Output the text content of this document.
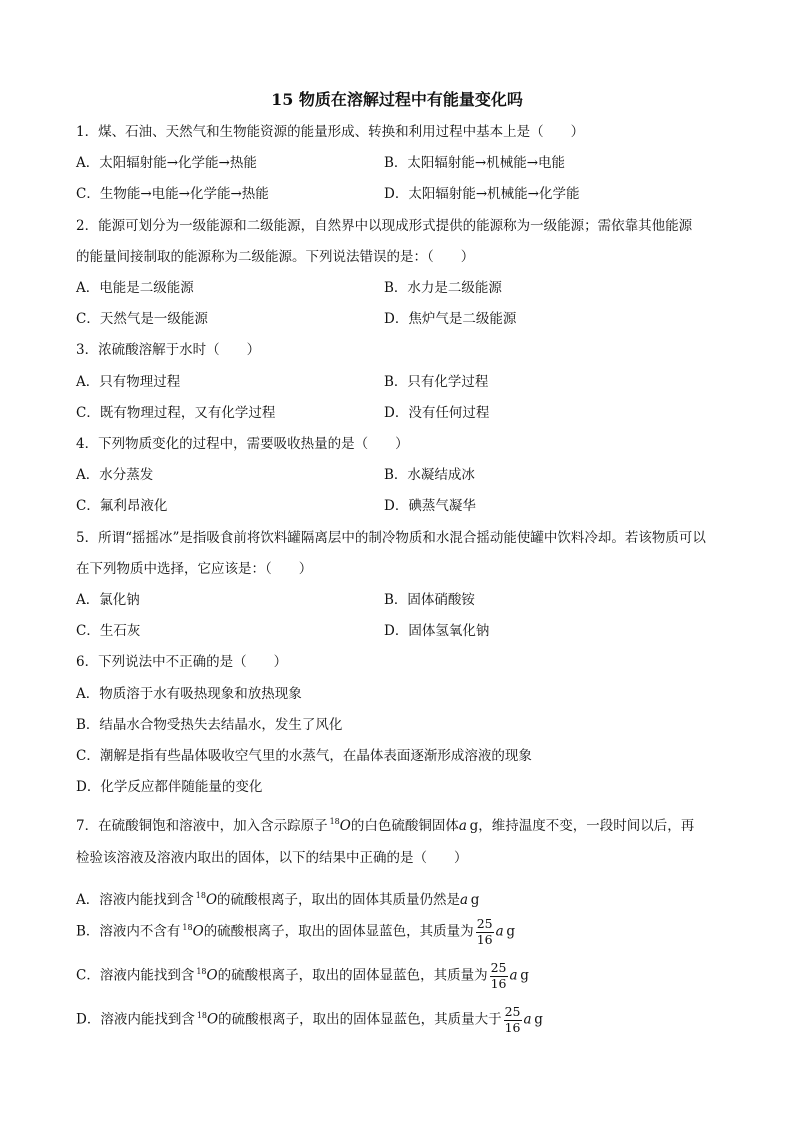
15 物质在溶解过程中有能量变化吗
1．煤、石油、天然气和生物能资源的能量形成、转换和利用过程中基本上是（　　）
A．太阳辐射能→化学能→热能	B．太阳辐射能→机械能→电能
C．生物能→电能→化学能→热能	D．太阳辐射能→机械能→化学能
2．能源可划分为一级能源和二级能源，自然界中以现成形式提供的能源称为一级能源；需依靠其他能源
的能量间接制取的能源称为二级能源。下列说法错误的是：（　　）
A．电能是二级能源	B．水力是二级能源
C．天然气是一级能源	D．焦炉气是二级能源
3．浓硫酸溶解于水时（　　）
A．只有物理过程	B．只有化学过程
C．既有物理过程，又有化学过程	D．没有任何过程
4．下列物质变化的过程中，需要吸收热量的是（　　）
A．水分蒸发	B．水凝结成冰
C．氟利昂液化	D．碘蒸气凝华
5．所谓“摇摇冰”是指吸食前将饮料罐隔离层中的制冷物质和水混合摇动能使罐中饮料冷却。若该物质可以
在下列物质中选择，它应该是：（　　）
A．氯化钠	B．固体硝酸铵
C．生石灰	D．固体氢氧化钠
6．下列说法中不正确的是（　　）
A．物质溶于水有吸热现象和放热现象
B．结晶水合物受热失去结晶水，发生了风化
C．潮解是指有些晶体吸收空气里的水蒸气，在晶体表面逐渐形成溶液的现象
D．化学反应都伴随能量的变化
7．在硫酸铜饱和溶液中，加入含示踪原子 $^{18}$O的白色硫酸铜固体a  g，维持温度不变，一段时间以后，再
检验该溶液及溶液内取出的固体，以下的结果中正确的是（　　）
A．溶液内能找到含 $^{18}$O的硫酸根离子，取出的固体其质量仍然是a  g
B．溶液内不含有 $^{18}$O的硫酸根离子，取出的固体显蓝色，其质量为 $\frac{25}{16}$ a  g
C．溶液内能找到含 $^{18}$O的硫酸根离子，取出的固体显蓝色，其质量为 $\frac{25}{16}$ a  g
D．溶液内能找到含 $^{18}$O的硫酸根离子，取出的固体显蓝色，其质量大于 $\frac{25}{16}$ a  g
